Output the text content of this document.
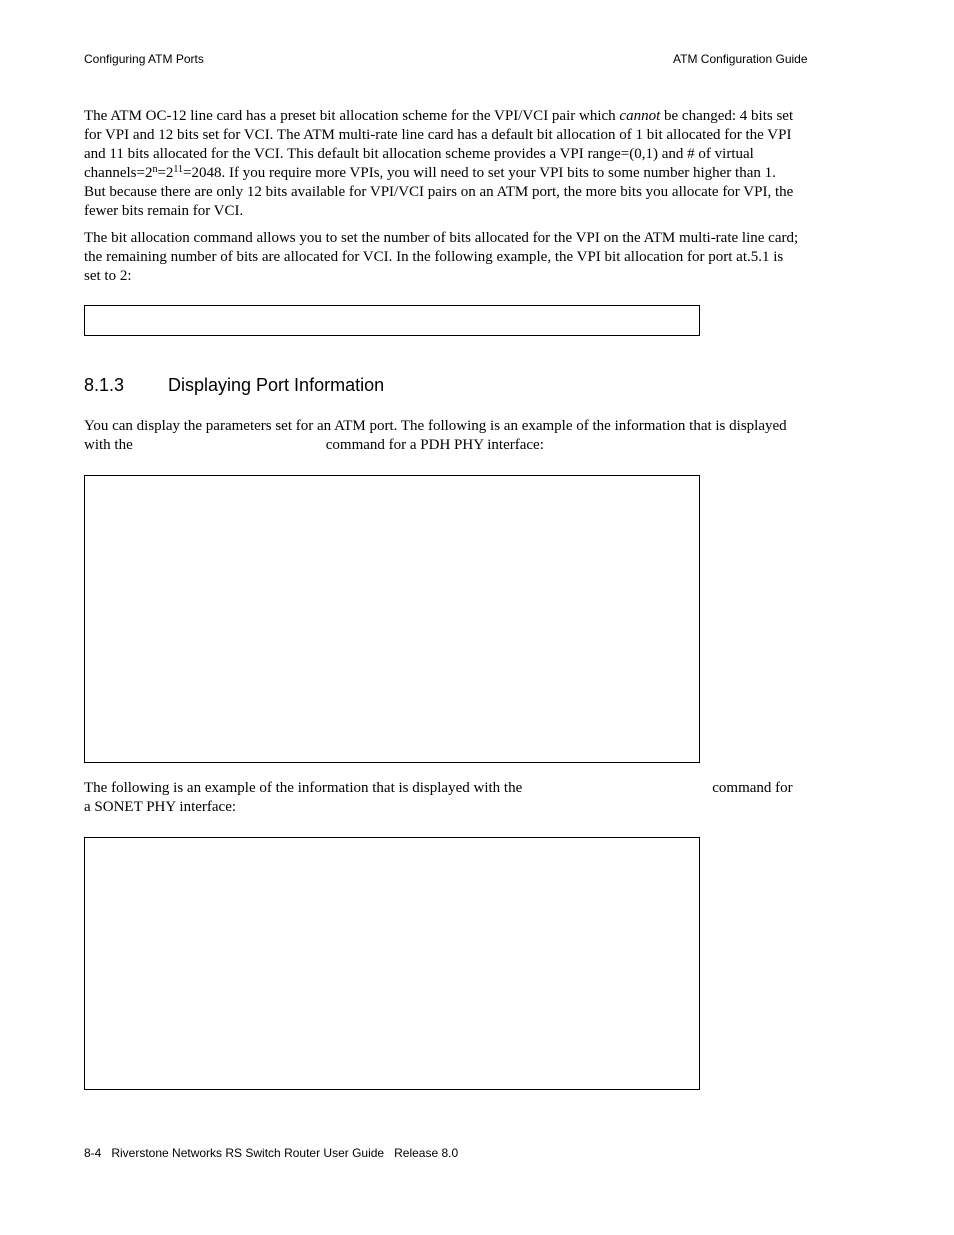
Configuring ATM Ports	ATM Configuration Guide
The ATM OC-12 line card has a preset bit allocation scheme for the VPI/VCI pair which cannot be changed: 4 bits set
for VPI and 12 bits set for VCI. The ATM multi-rate line card has a default bit allocation of 1 bit allocated for the VPI
and 11 bits allocated for the VCI. This default bit allocation scheme provides a VPI range=(0,1) and # of virtual
$channels=2^n=2^{11}=2048$. If you require more VPIs, you will need to set your VPI bits to some number higher than 1.
But because there are only 12 bits available for VPI/VCI pairs on an ATM port, the more bits you allocate for VPI, the
fewer bits remain for VCI.
The bit allocation command allows you to set the number of bits allocated for the VPI on the ATM multi-rate line card;
the remaining number of bits are allocated for VCI. In the following example, the VPI bit allocation for port at.5.1 is
set to 2:
8.1.3 Displaying Port Information
You can display the parameters set for an ATM port. The following is an example of the information that is displayed
with the	command for a PDH PHY interface:
The following is an example of the information that is displayed with the	command for
a SONET PHY interface:
8-4   Riverstone Networks RS Switch Router User Guide   Release 8.0
